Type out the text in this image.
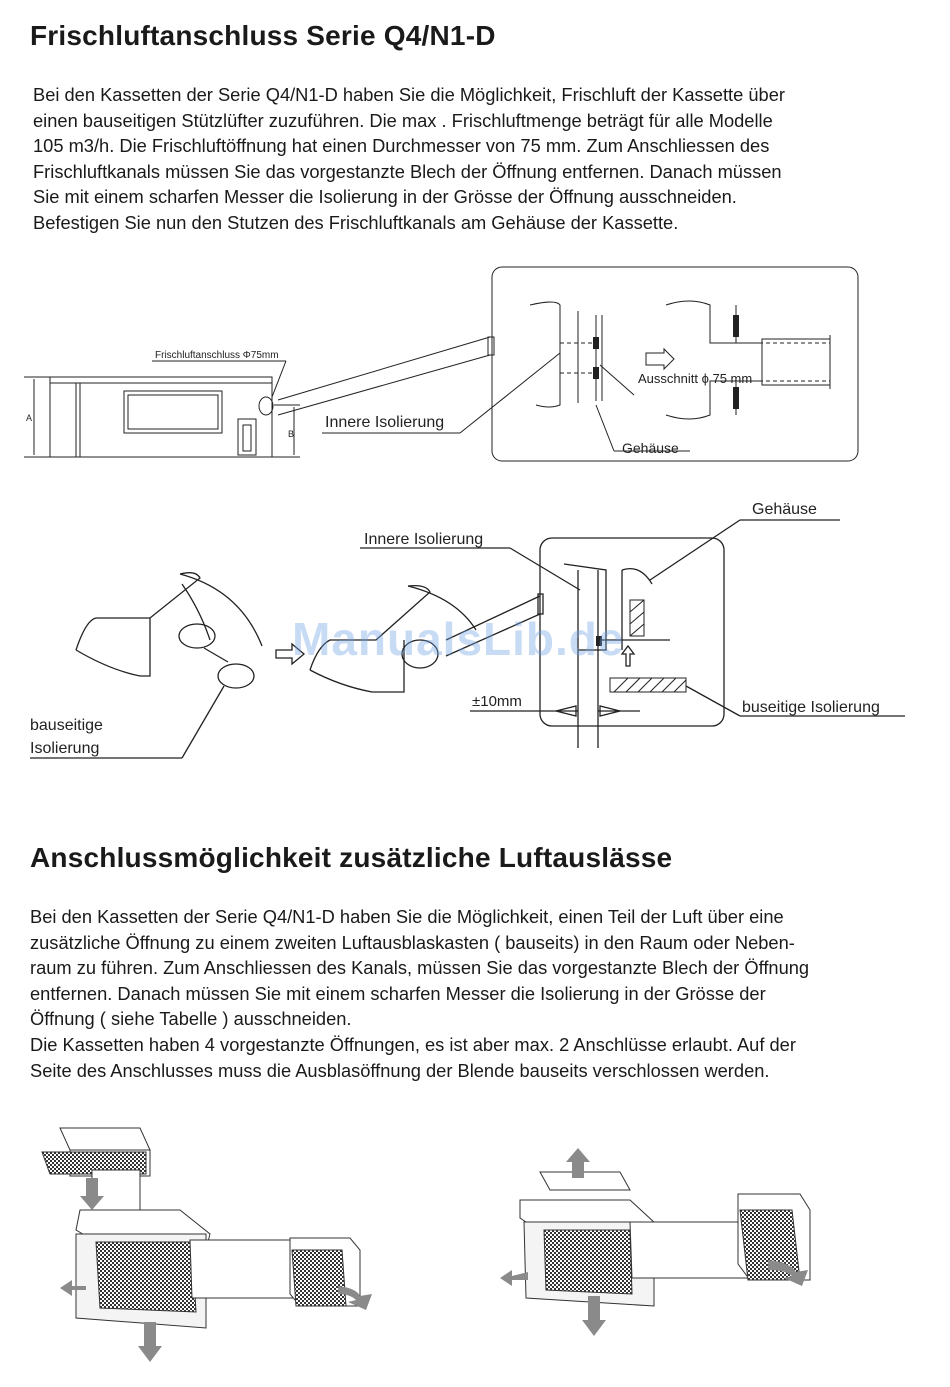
Frischluftanschluss Serie Q4/N1-D
Bei den Kassetten der Serie Q4/N1-D haben Sie die Möglichkeit, Frischluft der Kassette über
einen bauseitigen Stützlüfter zuzuführen. Die max . Frischluftmenge beträgt für alle Modelle
105 m3/h. Die Frischluftöffnung hat einen Durchmesser von 75 mm. Zum Anschliessen des
Frischluftkanals müssen Sie das vorgestanzte Blech der Öffnung entfernen. Danach müssen
Sie mit einem scharfen Messer die Isolierung in der Grösse der Öffnung ausschneiden.
Befestigen Sie nun den Stutzen des Frischluftkanals am Gehäuse der Kassette.
Frischluftanschluss Φ75mm
A
B
Innere Isolierung
Ausschnitt ϕ 75 mm
Gehäuse
Gehäuse
Innere Isolierung
bauseitige
Isolierung
±10mm	buseitige Isolierung
ManualsLib.de
Anschlussmöglichkeit zusätzliche Luftauslässe
Bei den Kassetten der Serie Q4/N1-D haben Sie die Möglichkeit, einen Teil der Luft über eine
zusätzliche Öffnung zu einem zweiten Luftausblaskasten ( bauseits) in den Raum oder Neben-
raum zu führen. Zum Anschliessen des Kanals, müssen Sie das vorgestanzte Blech der Öffnung
entfernen. Danach müssen Sie mit einem scharfen Messer die Isolierung in der Grösse der
Öffnung ( siehe Tabelle ) ausschneiden.
Die Kassetten haben 4 vorgestanzte Öffnungen, es ist aber max. 2 Anschlüsse erlaubt. Auf der
Seite des Anschlusses muss die Ausblasöffnung der Blende bauseits verschlossen werden.
